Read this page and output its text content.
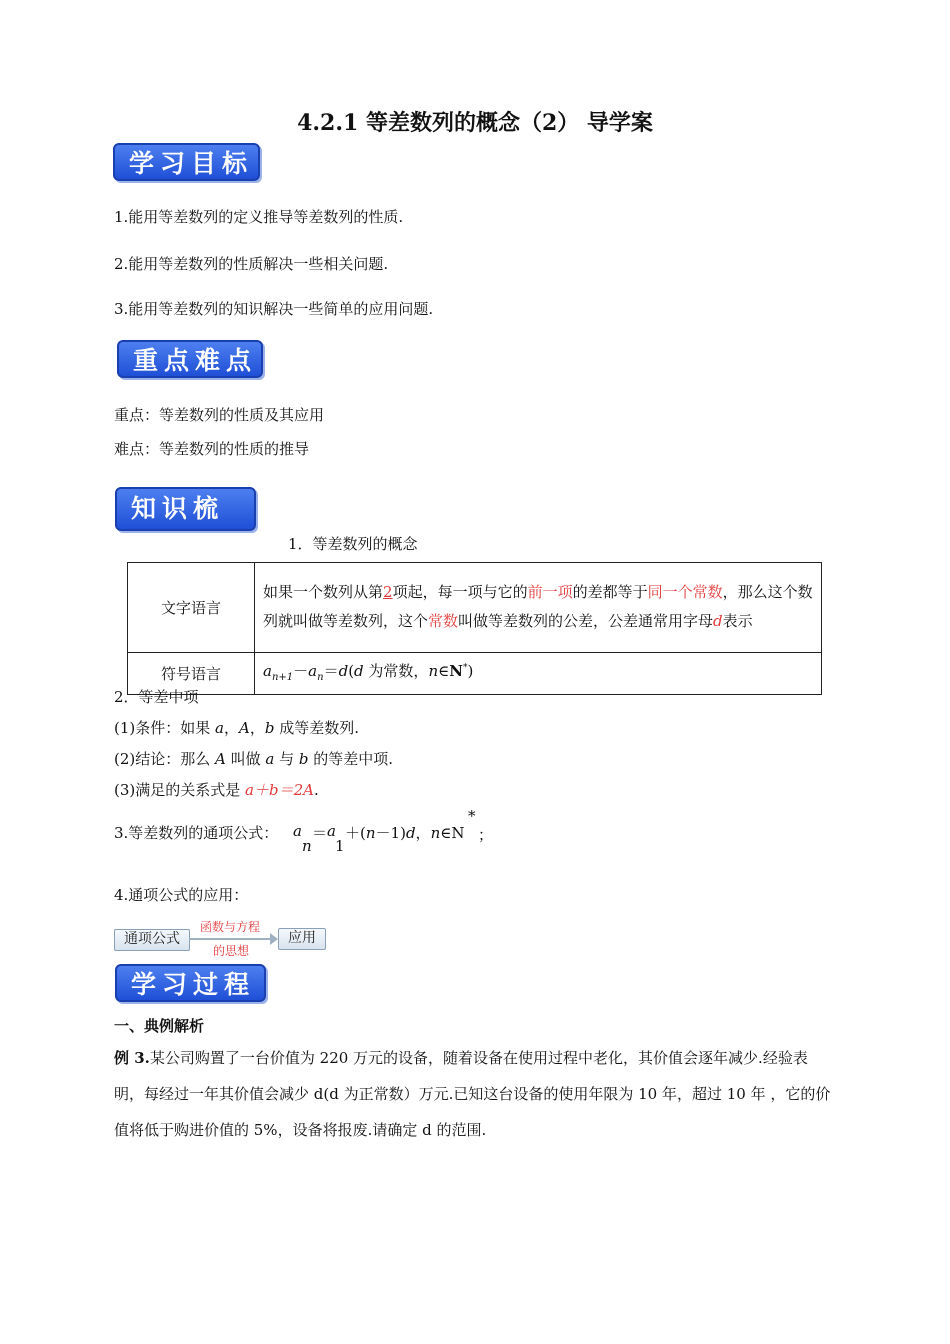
4.2.1 等差数列的概念（2） 导学案
学习目标
1.能用等差数列的定义推导等差数列的性质.
2.能用等差数列的性质解决一些相关问题.
3.能用等差数列的知识解决一些简单的应用问题.
重点难点
重点：等差数列的性质及其应用
难点：等差数列的性质的推导
知识梳理	1．等差数列的概念
文字语言	如果一个数列从第2项起，每一项与它的前一项的差都等于同一个常数，那么这个数列就叫做等差数列，这个常数叫做等差数列的公差，公差通常用字母d表示
符号语言	$a_{n+1}-a_n=d(d$ 为常数，n∈N*)
2．等差中项
(1)条件：如果 a，A，b 成等差数列.
(2)结论：那么 A 叫做 a 与 b 的等差中项.
(3)满足的关系式是 a＋b＝2A.
3.等差数列的通项公式： a
n
＝ a
1
＋(n－1)d，n∈N
*
；
4.通项公式的应用：
通项公式
函数与方程
的思想
应用
学习过程
一、典例解析
例 3.某公司购置了一台价值为 220 万元的设备，随着设备在使用过程中老化，其价值会逐年减少.经验表明，每经过一年其价值会减少 d(d 为正常数）万元.已知这台设备的使用年限为 10 年，超过 10 年 ，它的价值将低于购进价值的 5%，设备将报废.请确定 d 的范围.
